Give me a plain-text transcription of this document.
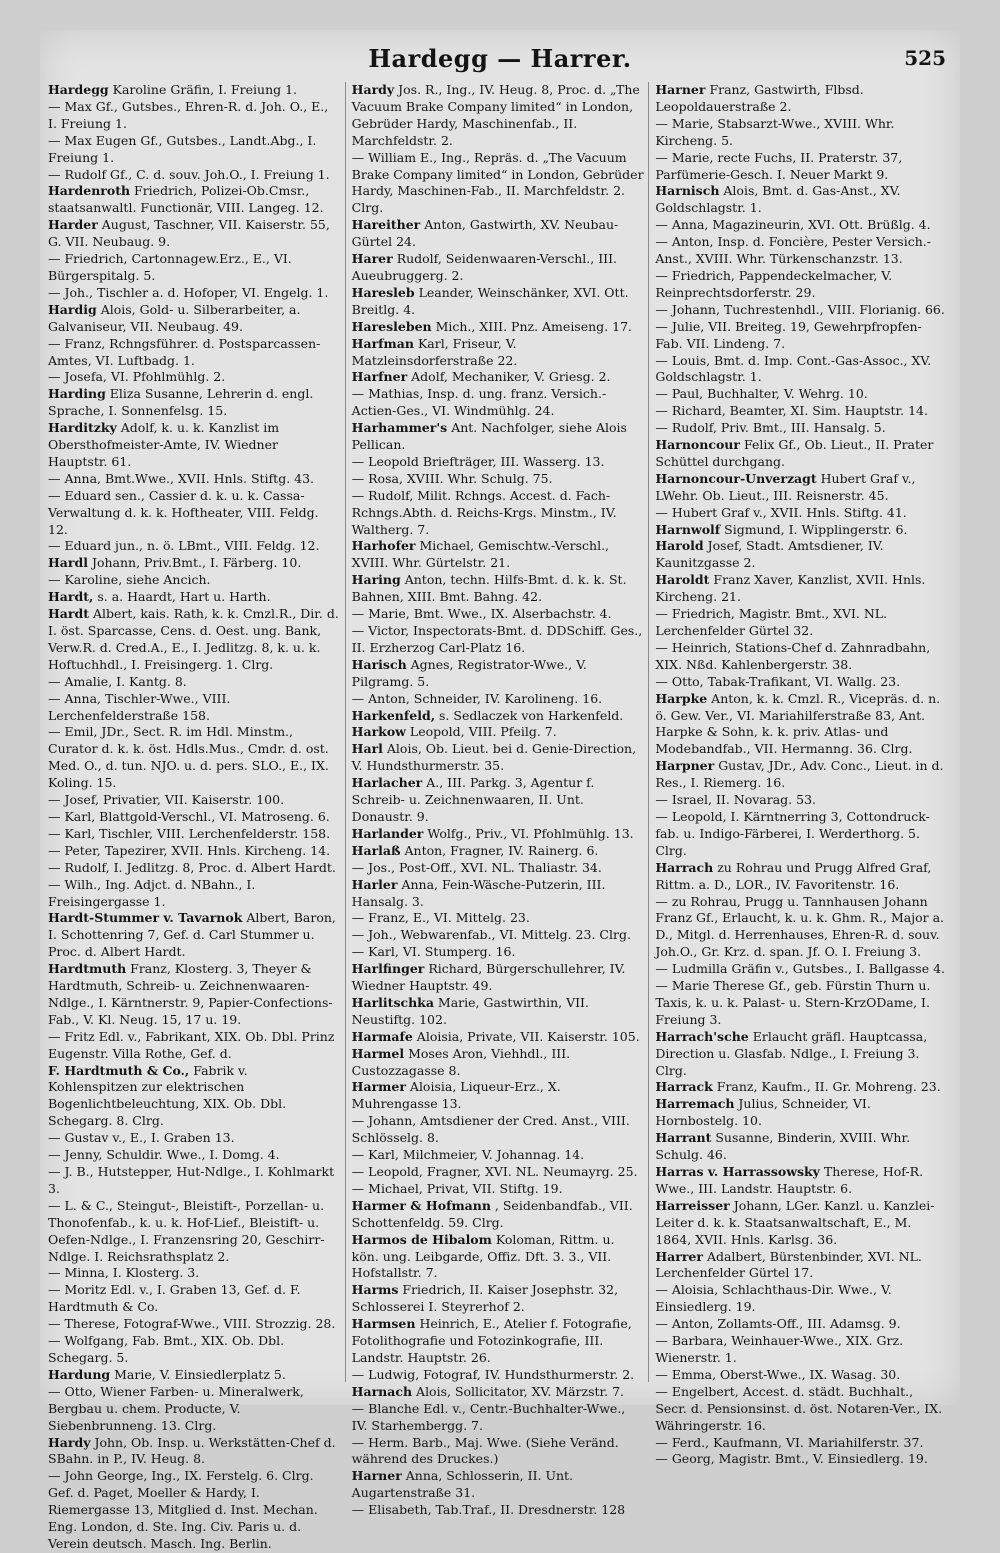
Hardegg — Harrer.	525

Hardegg Karoline Gräfin, I. Freiung 1.

— Max Gf., Gutsbes., Ehren-R. d. Joh. O., E., I. Freiung 1.

— Max Eugen Gf., Gutsbes., Landt.Abg., I. Freiung 1.

— Rudolf Gf., C. d. souv. Joh.O., I. Freiung 1.

Hardenroth Friedrich, Polizei-Ob.Cmsr., staatsanwaltl. Functionär, VIII. Langeg. 12.

Harder August, Taschner, VII. Kaiserstr. 55, G. VII. Neubaug. 9.

— Friedrich, Cartonnagew.Erz., E., VI. Bürgerspitalg. 5.

— Joh., Tischler a. d. Hofoper, VI. Engelg. 1.

Hardig Alois, Gold- u. Silberarbeiter, a. Galvaniseur, VII. Neubaug. 49.

— Franz, Rchngsführer. d. Postsparcassen-Amtes, VI. Luftbadg. 1.

— Josefa, VI. Pfohlmühlg. 2.

Harding Eliza Susanne, Lehrerin d. engl. Sprache, I. Sonnenfelsg. 15.

Harditzky Adolf, k. u. k. Kanzlist im Obersthofmeister-Amte, IV. Wiedner Hauptstr. 61.

— Anna, Bmt.Wwe., XVII. Hnls. Stiftg. 43.

— Eduard sen., Cassier d. k. u. k. Cassa-Verwaltung d. k. k. Hoftheater, VIII. Feldg. 12.

— Eduard jun., n. ö. LBmt., VIII. Feldg. 12.

Hardl Johann, Priv.Bmt., I. Färberg. 10.

— Karoline, siehe Ancich.

Hardt, s. a. Haardt, Hart u. Harth.

Hardt Albert, kais. Rath, k. k. Cmzl.R., Dir. d. I. öst. Sparcasse, Cens. d. Oest. ung. Bank, Verw.R. d. Cred.A., E., I. Jedlitzg. 8, k. u. k. Hoftuchhdl., I. Freisingerg. 1. Clrg.

— Amalie, I. Kantg. 8.

— Anna, Tischler-Wwe., VIII. Lerchenfelderstraße 158.

— Emil, JDr., Sect. R. im Hdl. Minstm., Curator d. k. k. öst. Hdls.Mus., Cmdr. d. ost. Med. O., d. tun. NJO. u. d. pers. SLO., E., IX. Koling. 15.

— Josef, Privatier, VII. Kaiserstr. 100.

— Karl, Blattgold-Verschl., VI. Matroseng. 6.

— Karl, Tischler, VIII. Lerchenfelderstr. 158.

— Peter, Tapezirer, XVII. Hnls. Kircheng. 14.

— Rudolf, I. Jedlitzg. 8, Proc. d. Albert Hardt.

— Wilh., Ing. Adjct. d. NBahn., I. Freisingergasse 1.

Hardt-Stummer v. Tavarnok Albert, Baron, I. Schottenring 7, Gef. d. Carl Stummer u. Proc. d. Albert Hardt.

Hardtmuth Franz, Klosterg. 3, Theyer & Hardtmuth, Schreib- u. Zeichnenwaaren-Ndlge., I. Kärntnerstr. 9, Papier-Confections-Fab., V. Kl. Neug. 15, 17 u. 19.

— Fritz Edl. v., Fabrikant, XIX. Ob. Dbl. Prinz Eugenstr. Villa Rothe, Gef. d.

F. Hardtmuth & Co., Fabrik v. Kohlenspitzen zur elektrischen Bogenlichtbeleuchtung, XIX. Ob. Dbl. Schegarg. 8. Clrg.

— Gustav v., E., I. Graben 13.

— Jenny, Schuldir. Wwe., I. Domg. 4.

— J. B., Hutstepper, Hut-Ndlge., I. Kohlmarkt 3.

— L. & C., Steingut-, Bleistift-, Porzellan- u. Thonofenfab., k. u. k. Hof-Lief., Bleistift- u. Oefen-Ndlge., I. Franzensring 20, Geschirr-Ndlge. I. Reichsrathsplatz 2.

— Minna, I. Klosterg. 3.

— Moritz Edl. v., I. Graben 13, Gef. d. F. Hardtmuth & Co.

— Therese, Fotograf-Wwe., VIII. Strozzig. 28.

— Wolfgang, Fab. Bmt., XIX. Ob. Dbl. Schegarg. 5.

Hardung Marie, V. Einsiedlerplatz 5.

— Otto, Wiener Farben- u. Mineralwerk, Bergbau u. chem. Producte, V. Siebenbrunneng. 13. Clrg.

Hardy John, Ob. Insp. u. Werkstätten-Chef d. SBahn. in P., IV. Heug. 8.

— John George, Ing., IX. Ferstelg. 6. Clrg. Gef. d. Paget, Moeller & Hardy, I. Riemergasse 13, Mitglied d. Inst. Mechan. Eng. London, d. Ste. Ing. Civ. Paris u. d. Verein deutsch. Masch. Ing. Berlin.

Hardy Jos. R., Ing., IV. Heug. 8, Proc. d. „The Vacuum Brake Company limited“ in London, Gebrüder Hardy, Maschinenfab., II. Marchfeldstr. 2.

— William E., Ing., Repräs. d. „The Vacuum Brake Company limited“ in London, Gebrüder Hardy, Maschinen-Fab., II. Marchfeldstr. 2. Clrg.

Hareither Anton, Gastwirth, XV. Neubau-Gürtel 24.

Harer Rudolf, Seidenwaaren-Verschl., III. Aueubruggerg. 2.

Haresleb Leander, Weinschänker, XVI. Ott. Breitlg. 4.

Haresleben Mich., XIII. Pnz. Ameiseng. 17.

Harfman Karl, Friseur, V. Matzleinsdorferstraße 22.

Harfner Adolf, Mechaniker, V. Griesg. 2.

— Mathias, Insp. d. ung. franz. Versich.-Actien-Ges., VI. Windmühlg. 24.

Harhammer's Ant. Nachfolger, siehe Alois Pellican.

— Leopold Briefträger, III. Wasserg. 13.

— Rosa, XVIII. Whr. Schulg. 75.

— Rudolf, Milit. Rchngs. Accest. d. Fach-Rchngs.Abth. d. Reichs-Krgs. Minstm., IV. Waltherg. 7.

Harhofer Michael, Gemischtw.-Verschl., XVIII. Whr. Gürtelstr. 21.

Haring Anton, techn. Hilfs-Bmt. d. k. k. St. Bahnen, XIII. Bmt. Bahng. 42.

— Marie, Bmt. Wwe., IX. Alserbachstr. 4.

— Victor, Inspectorats-Bmt. d. DDSchiff. Ges., II. Erzherzog Carl-Platz 16.

Harisch Agnes, Registrator-Wwe., V. Pilgramg. 5.

— Anton, Schneider, IV. Karolineng. 16.

Harkenfeld, s. Sedlaczek von Harkenfeld.

Harkow Leopold, VIII. Pfeilg. 7.

Harl Alois, Ob. Lieut. bei d. Genie-Direction, V. Hundsthurmerstr. 35.

Harlacher A., III. Parkg. 3, Agentur f. Schreib- u. Zeichnenwaaren, II. Unt. Donaustr. 9.

Harlander Wolfg., Priv., VI. Pfohlmühlg. 13.

Harlaß Anton, Fragner, IV. Rainerg. 6.

— Jos., Post-Off., XVI. NL. Thaliastr. 34.

Harler Anna, Fein-Wäsche-Putzerin, III. Hansalg. 3.

— Franz, E., VI. Mittelg. 23.

— Joh., Webwarenfab., VI. Mittelg. 23. Clrg.

— Karl, VI. Stumperg. 16.

Harlfinger Richard, Bürgerschullehrer, IV. Wiedner Hauptstr. 49.

Harlitschka Marie, Gastwirthin, VII. Neustiftg. 102.

Harmafe Aloisia, Private, VII. Kaiserstr. 105.

Harmel Moses Aron, Viehhdl., III. Custozzagasse 8.

Harmer Aloisia, Liqueur-Erz., X. Muhrengasse 13.

— Johann, Amtsdiener der Cred. Anst., VIII. Schlösselg. 8.

— Karl, Milchmeier, V. Johannag. 14.

— Leopold, Fragner, XVI. NL. Neumayrg. 25.

— Michael, Privat, VII. Stiftg. 19.

Harmer & Hofmann , Seidenbandfab., VII. Schottenfeldg. 59. Clrg.

Harmos de Hibalom Koloman, Rittm. u. kön. ung. Leibgarde, Offiz. Dft. 3. 3., VII. Hofstallstr. 7.

Harms Friedrich, II. Kaiser Josephstr. 32, Schlosserei I. Steyrerhof 2.

Harmsen Heinrich, E., Atelier f. Fotografie, Fotolithografie und Fotozinkografie, III. Landstr. Hauptstr. 26.

— Ludwig, Fotograf, IV. Hundsthurmerstr. 2.

Harnach Alois, Sollicitator, XV. Märzstr. 7.

— Blanche Edl. v., Centr.-Buchhalter-Wwe., IV. Starhembergg. 7.

— Herm. Barb., Maj. Wwe. (Siehe Veränd. während des Druckes.)

Harner Anna, Schlosserin, II. Unt. Augartenstraße 31.

— Elisabeth, Tab.Traf., II. Dresdnerstr. 128

Harner Franz, Gastwirth, Flbsd. Leopoldauerstraße 2.

— Marie, Stabsarzt-Wwe., XVIII. Whr. Kircheng. 5.

— Marie, recte Fuchs, II. Praterstr. 37, Parfümerie-Gesch. I. Neuer Markt 9.

Harnisch Alois, Bmt. d. Gas-Anst., XV. Goldschlagstr. 1.

— Anna, Magazineurin, XVI. Ott. Brüßlg. 4.

— Anton, Insp. d. Foncière, Pester Versich.-Anst., XVIII. Whr. Türkenschanzstr. 13.

— Friedrich, Pappendeckelmacher, V. Reinprechtsdorferstr. 29.

— Johann, Tuchrestenhdl., VIII. Florianig. 66.

— Julie, VII. Breiteg. 19, Gewehrpfropfen-Fab. VII. Lindeng. 7.

— Louis, Bmt. d. Imp. Cont.-Gas-Assoc., XV. Goldschlagstr. 1.

— Paul, Buchhalter, V. Wehrg. 10.

— Richard, Beamter, XI. Sim. Hauptstr. 14.

— Rudolf, Priv. Bmt., III. Hansalg. 5.

Harnoncour Felix Gf., Ob. Lieut., II. Prater Schüttel durchgang.

Harnoncour-Unverzagt Hubert Graf v., LWehr. Ob. Lieut., III. Reisnerstr. 45.

— Hubert Graf v., XVII. Hnls. Stiftg. 41.

Harnwolf Sigmund, I. Wipplingerstr. 6.

Harold Josef, Stadt. Amtsdiener, IV. Kaunitzgasse 2.

Haroldt Franz Xaver, Kanzlist, XVII. Hnls. Kircheng. 21.

— Friedrich, Magistr. Bmt., XVI. NL. Lerchenfelder Gürtel 32.

— Heinrich, Stations-Chef d. Zahnradbahn, XIX. Nßd. Kahlenbergerstr. 38.

— Otto, Tabak-Trafikant, VI. Wallg. 23.

Harpke Anton, k. k. Cmzl. R., Vicepräs. d. n. ö. Gew. Ver., VI. Mariahilferstraße 83, Ant. Harpke & Sohn, k. k. priv. Atlas- und Modebandfab., VII. Hermanng. 36. Clrg.

Harpner Gustav, JDr., Adv. Conc., Lieut. in d. Res., I. Riemerg. 16.

— Israel, II. Novarag. 53.

— Leopold, I. Kärntnerring 3, Cottondruck-fab. u. Indigo-Färberei, I. Werderthorg. 5. Clrg.

Harrach zu Rohrau und Prugg Alfred Graf, Rittm. a. D., LOR., IV. Favoritenstr. 16.

— zu Rohrau, Prugg u. Tannhausen Johann Franz Gf., Erlaucht, k. u. k. Ghm. R., Major a. D., Mitgl. d. Herrenhauses, Ehren-R. d. souv. Joh.O., Gr. Krz. d. span. Jf. O. I. Freiung 3.

— Ludmilla Gräfin v., Gutsbes., I. Ballgasse 4.

— Marie Therese Gf., geb. Fürstin Thurn u. Taxis, k. u. k. Palast- u. Stern-KrzODame, I. Freiung 3.

Harrach'sche Erlaucht gräfl. Hauptcassa, Direction u. Glasfab. Ndlge., I. Freiung 3. Clrg.

Harrack Franz, Kaufm., II. Gr. Mohreng. 23.

Harremach Julius, Schneider, VI. Hornbostelg. 10.

Harrant Susanne, Binderin, XVIII. Whr. Schulg. 46.

Harras v. Harrassowsky Therese, Hof-R. Wwe., III. Landstr. Hauptstr. 6.

Harreisser Johann, LGer. Kanzl. u. Kanzlei-Leiter d. k. k. Staatsanwaltschaft, E., M. 1864, XVII. Hnls. Karlsg. 36.

Harrer Adalbert, Bürstenbinder, XVI. NL. Lerchenfelder Gürtel 17.

— Aloisia, Schlachthaus-Dir. Wwe., V. Einsiedlerg. 19.

— Anton, Zollamts-Off., III. Adamsg. 9.

— Barbara, Weinhauer-Wwe., XIX. Grz. Wienerstr. 1.

— Emma, Oberst-Wwe., IX. Wasag. 30.

— Engelbert, Accest. d. städt. Buchhalt., Secr. d. Pensionsinst. d. öst. Notaren-Ver., IX. Währingerstr. 16.

— Ferd., Kaufmann, VI. Mariahilferstr. 37.

— Georg, Magistr. Bmt., V. Einsiedlerg. 19.
